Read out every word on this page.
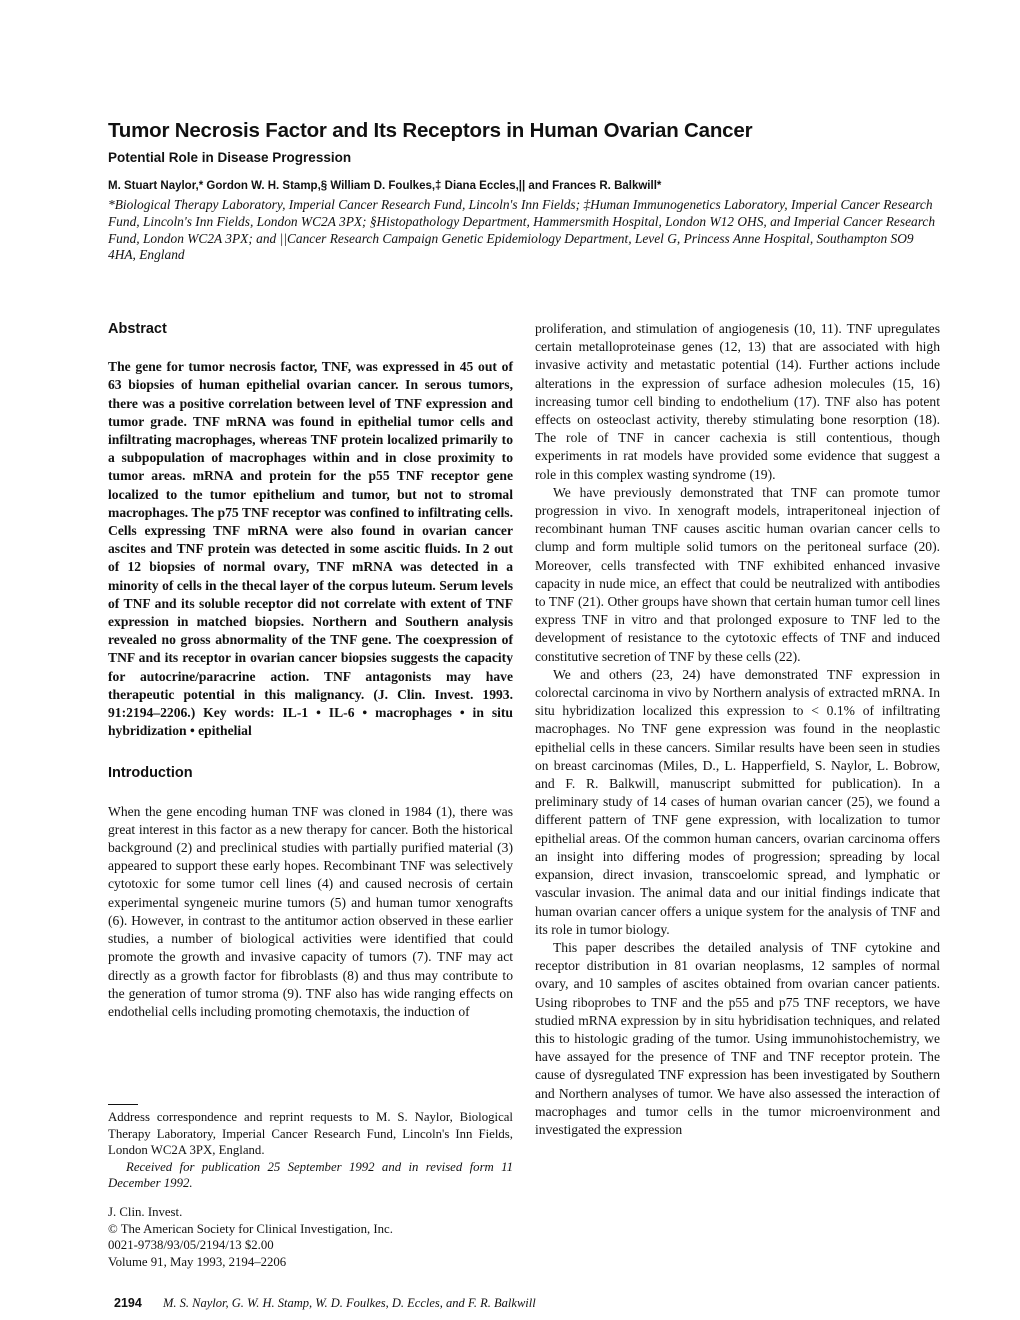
Tumor Necrosis Factor and Its Receptors in Human Ovarian Cancer
Potential Role in Disease Progression
M. Stuart Naylor,* Gordon W. H. Stamp,§ William D. Foulkes,‡ Diana Eccles,|| and Frances R. Balkwill*
*Biological Therapy Laboratory, Imperial Cancer Research Fund, Lincoln's Inn Fields; ‡Human Immunogenetics Laboratory, Imperial Cancer Research Fund, Lincoln's Inn Fields, London WC2A 3PX; §Histopathology Department, Hammersmith Hospital, London W12 OHS, and Imperial Cancer Research Fund, London WC2A 3PX; and ||Cancer Research Campaign Genetic Epidemiology Department, Level G, Princess Anne Hospital, Southampton SO9 4HA, England
Abstract

The gene for tumor necrosis factor, TNF, was expressed in 45 out of 63 biopsies of human epithelial ovarian cancer. In serous tumors, there was a positive correlation between level of TNF expression and tumor grade. TNF mRNA was found in epithelial tumor cells and infiltrating macrophages, whereas TNF protein localized primarily to a subpopulation of macrophages within and in close proximity to tumor areas. mRNA and protein for the p55 TNF receptor gene localized to the tumor epithelium and tumor, but not to stromal macrophages. The p75 TNF receptor was confined to infiltrating cells. Cells expressing TNF mRNA were also found in ovarian cancer ascites and TNF protein was detected in some ascitic fluids. In 2 out of 12 biopsies of normal ovary, TNF mRNA was detected in a minority of cells in the thecal layer of the corpus luteum. Serum levels of TNF and its soluble receptor did not correlate with extent of TNF expression in matched biopsies. Northern and Southern analysis revealed no gross abnormality of the TNF gene. The coexpression of TNF and its receptor in ovarian cancer biopsies suggests the capacity for autocrine/paracrine action. TNF antagonists may have therapeutic potential in this malignancy. (J. Clin. Invest. 1993. 91:2194–2206.) Key words: IL-1 • IL-6 • macrophages • in situ hybridization • epithelial

Introduction

When the gene encoding human TNF was cloned in 1984 (1), there was great interest in this factor as a new therapy for cancer. Both the historical background (2) and preclinical studies with partially purified material (3) appeared to support these early hopes. Recombinant TNF was selectively cytotoxic for some tumor cell lines (4) and caused necrosis of certain experimental syngeneic murine tumors (5) and human tumor xenografts (6). However, in contrast to the antitumor action observed in these earlier studies, a number of biological activities were identified that could promote the growth and invasive capacity of tumors (7). TNF may act directly as a growth factor for fibroblasts (8) and thus may contribute to the generation of tumor stroma (9). TNF also has wide ranging effects on endothelial cells including promoting chemotaxis, the induction of

proliferation, and stimulation of angiogenesis (10, 11). TNF upregulates certain metalloproteinase genes (12, 13) that are associated with high invasive activity and metastatic potential (14). Further actions include alterations in the expression of surface adhesion molecules (15, 16) increasing tumor cell binding to endothelium (17). TNF also has potent effects on osteoclast activity, thereby stimulating bone resorption (18). The role of TNF in cancer cachexia is still contentious, though experiments in rat models have provided some evidence that suggest a role in this complex wasting syndrome (19).

We have previously demonstrated that TNF can promote tumor progression in vivo. In xenograft models, intraperitoneal injection of recombinant human TNF causes ascitic human ovarian cancer cells to clump and form multiple solid tumors on the peritoneal surface (20). Moreover, cells transfected with TNF exhibited enhanced invasive capacity in nude mice, an effect that could be neutralized with antibodies to TNF (21). Other groups have shown that certain human tumor cell lines express TNF in vitro and that prolonged exposure to TNF led to the development of resistance to the cytotoxic effects of TNF and induced constitutive secretion of TNF by these cells (22).

We and others (23, 24) have demonstrated TNF expression in colorectal carcinoma in vivo by Northern analysis of extracted mRNA. In situ hybridization localized this expression to < 0.1% of infiltrating macrophages. No TNF gene expression was found in the neoplastic epithelial cells in these cancers. Similar results have been seen in studies on breast carcinomas (Miles, D., L. Happerfield, S. Naylor, L. Bobrow, and F. R. Balkwill, manuscript submitted for publication). In a preliminary study of 14 cases of human ovarian cancer (25), we found a different pattern of TNF gene expression, with localization to tumor epithelial areas. Of the common human cancers, ovarian carcinoma offers an insight into differing modes of progression; spreading by local expansion, direct invasion, transcoelomic spread, and lymphatic or vascular invasion. The animal data and our initial findings indicate that human ovarian cancer offers a unique system for the analysis of TNF and its role in tumor biology.

This paper describes the detailed analysis of TNF cytokine and receptor distribution in 81 ovarian neoplasms, 12 samples of normal ovary, and 10 samples of ascites obtained from ovarian cancer patients. Using riboprobes to TNF and the p55 and p75 TNF receptors, we have studied mRNA expression by in situ hybridisation techniques, and related this to histologic grading of the tumor. Using immunohistochemistry, we have assayed for the presence of TNF and TNF receptor protein. The cause of dysregulated TNF expression has been investigated by Southern and Northern analyses of tumor. We have also assessed the interaction of macrophages and tumor cells in the tumor microenvironment and investigated the expression

Address correspondence and reprint requests to M. S. Naylor, Biological Therapy Laboratory, Imperial Cancer Research Fund, Lincoln's Inn Fields, London WC2A 3PX, England.

Received for publication 25 September 1992 and in revised form 11 December 1992.

J. Clin. Invest.
© The American Society for Clinical Investigation, Inc.
0021-9738/93/05/2194/13 $2.00
Volume 91, May 1993, 2194–2206
2194 M. S. Naylor, G. W. H. Stamp, W. D. Foulkes, D. Eccles, and F. R. Balkwill
